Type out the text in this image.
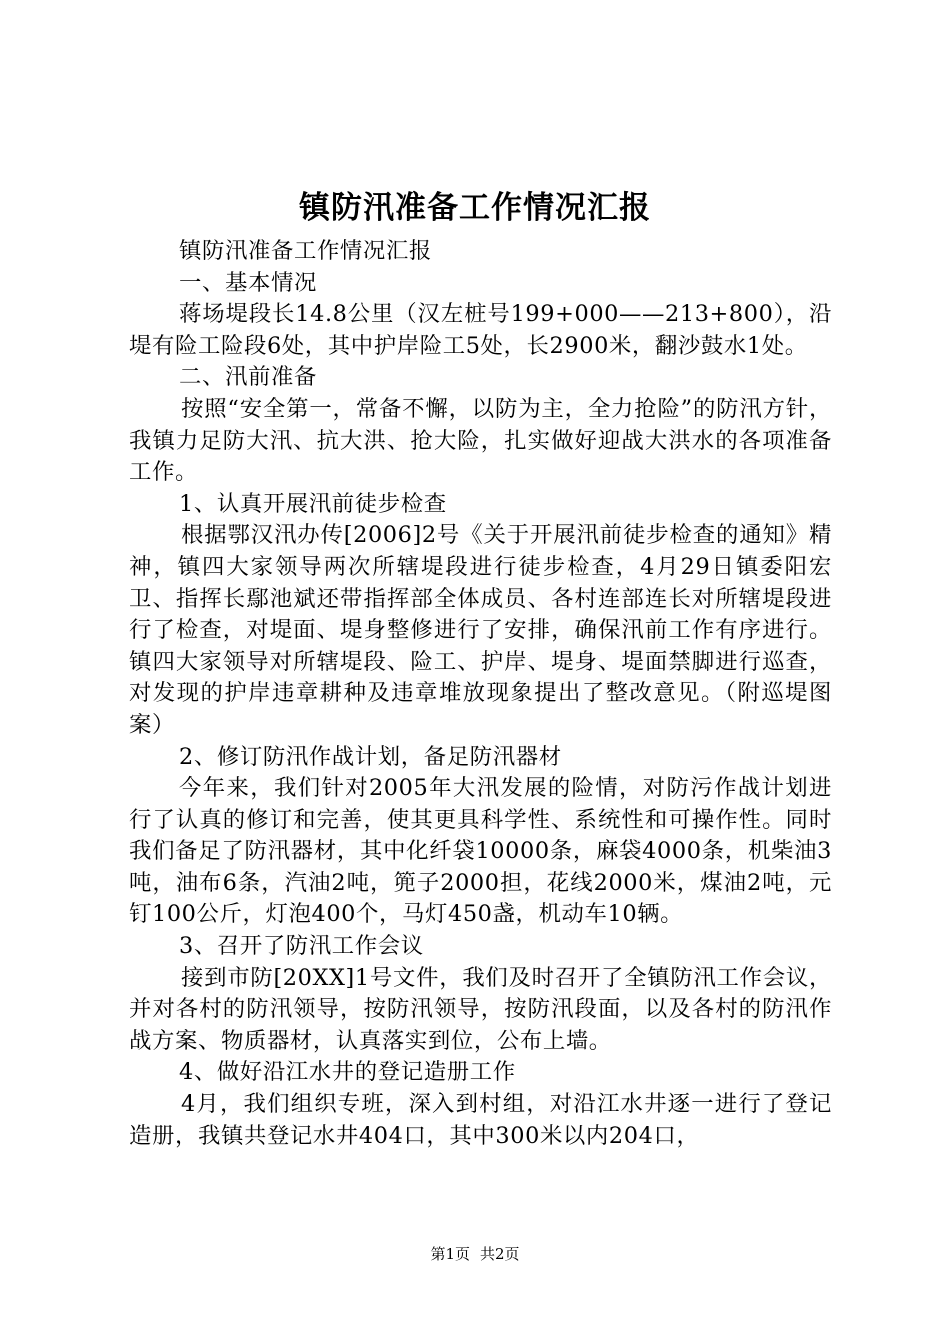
镇防汛准备工作情况汇报

镇防汛准备工作情况汇报

一、基本情况

蒋场堤段长14.8公里（汉左桩号199+000——213+800），沿堤有险工险段6处，其中护岸险工5处，长2900米，翻沙鼓水1处。

二、汛前准备

按照“安全第一，常备不懈，以防为主，全力抢险”的防汛方针，我镇力足防大汛、抗大洪、抢大险，扎实做好迎战大洪水的各项准备工作。

1、认真开展汛前徒步检查

根据鄂汉汛办传[2006]2号《关于开展汛前徒步检查的通知》精神，镇四大家领导两次所辖堤段进行徒步检查，4月29日镇委阳宏卫、指挥长鄢池斌还带指挥部全体成员、各村连部连长对所辖堤段进行了检查，对堤面、堤身整修进行了安排，确保汛前工作有序进行。镇四大家领导对所辖堤段、险工、护岸、堤身、堤面禁脚进行巡查，对发现的护岸违章耕种及违章堆放现象提出了整改意见。（附巡堤图案）

2、修订防汛作战计划，备足防汛器材

今年来，我们针对2005年大汛发展的险情，对防污作战计划进行了认真的修订和完善，使其更具科学性、系统性和可操作性。同时我们备足了防汛器材，其中化纤袋10000条，麻袋4000条，机柴油3吨，油布6条，汽油2吨，篼子2000担，花线2000米，煤油2吨，元钉100公斤，灯泡400个，马灯450盏，机动车10辆。

3、召开了防汛工作会议

接到市防[20XX]1号文件，我们及时召开了全镇防汛工作会议，并对各村的防汛领导，按防汛领导，按防汛段面，以及各村的防汛作战方案、物质器材，认真落实到位，公布上墙。

4、做好沿江水井的登记造册工作

4月，我们组织专班，深入到村组，对沿江水井逐一进行了登记造册，我镇共登记水井404口，其中300米以内204口，

第1页 共2页
